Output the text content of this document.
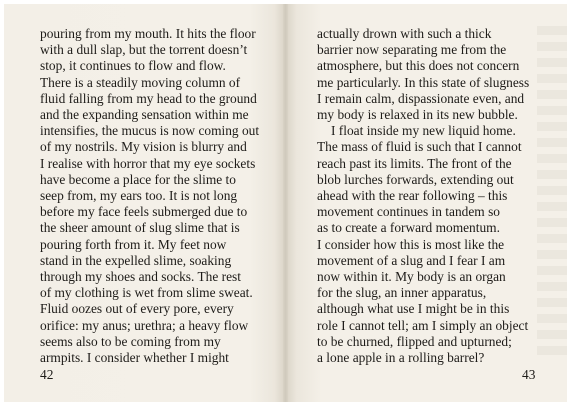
pouring from my mouth. It hits the floor
with a dull slap, but the torrent doesn’t
stop, it continues to flow and flow.
There is a steadily moving column of
fluid falling from my head to the ground
and the expanding sensation within me
intensifies, the mucus is now coming out
of my nostrils. My vision is blurry and
I realise with horror that my eye sockets
have become a place for the slime to
seep from, my ears too. It is not long
before my face feels submerged due to
the sheer amount of slug slime that is
pouring forth from it. My feet now
stand in the expelled slime, soaking
through my shoes and socks. The rest
of my clothing is wet from slime sweat.
Fluid oozes out of every pore, every
orifice: my anus; urethra; a heavy flow
seems also to be coming from my
armpits. I consider whether I might
42
actually drown with such a thick
barrier now separating me from the
atmosphere, but this does not concern
me particularly. In this state of slugness
I remain calm, dispassionate even, and
my body is relaxed in its new bubble.
I float inside my new liquid home.
The mass of fluid is such that I cannot
reach past its limits. The front of the
blob lurches forwards, extending out
ahead with the rear following – this
movement continues in tandem so
as to create a forward momentum.
I consider how this is most like the
movement of a slug and I fear I am
now within it. My body is an organ
for the slug, an inner apparatus,
although what use I might be in this
role I cannot tell; am I simply an object
to be churned, flipped and upturned;
a lone apple in a rolling barrel?
43
